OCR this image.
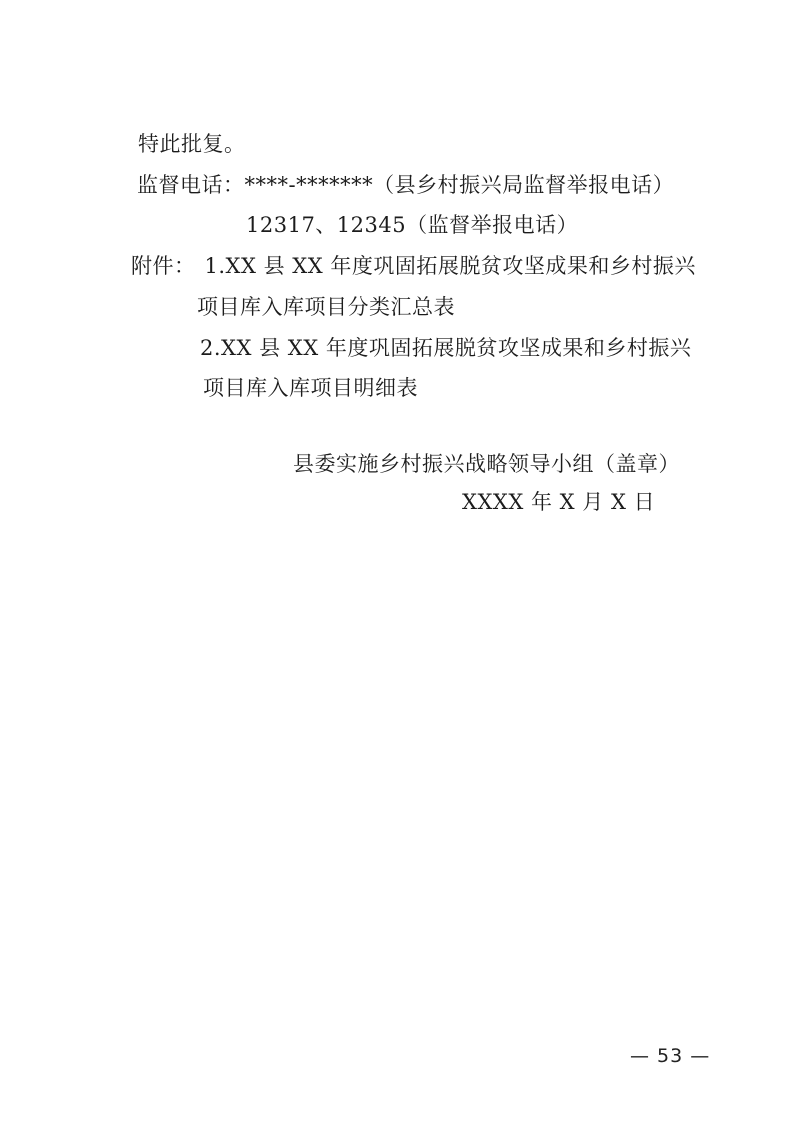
特此批复。
监督电话：****-*******（县乡村振兴局监督举报电话）
12317、12345（监督举报电话）
附件： 1.XX 县 XX 年度巩固拓展脱贫攻坚成果和乡村振兴
项目库入库项目分类汇总表
2.XX 县 XX 年度巩固拓展脱贫攻坚成果和乡村振兴
项目库入库项目明细表
县委实施乡村振兴战略领导小组（盖章）
XXXX 年 X 月 X 日
— 53 —
